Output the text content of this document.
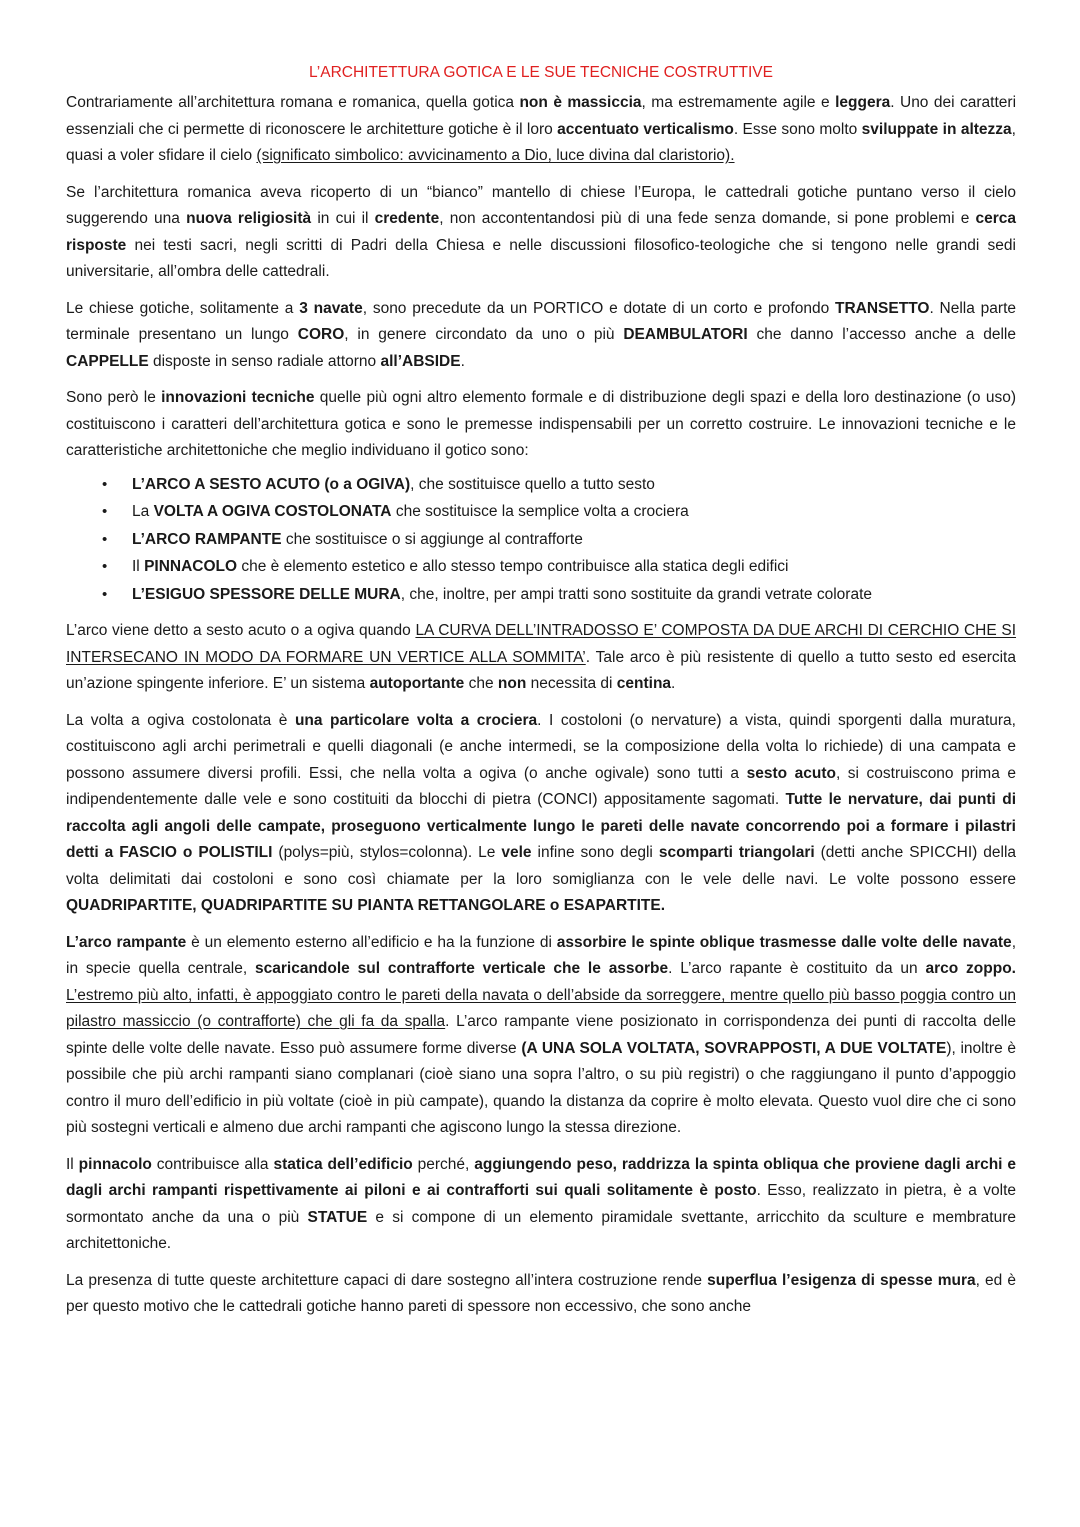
L’ARCHITETTURA GOTICA E LE SUE TECNICHE COSTRUTTIVE

Contrariamente all’architettura romana e romanica, quella gotica non è massiccia, ma estremamente agile e leggera. Uno dei caratteri essenziali che ci permette di riconoscere le architetture gotiche è il loro accentuato verticalismo. Esse sono molto sviluppate in altezza, quasi a voler sfidare il cielo (significato simbolico: avvicinamento a Dio, luce divina dal claristorio).

Se l’architettura romanica aveva ricoperto di un “bianco” mantello di chiese l’Europa, le cattedrali gotiche puntano verso il cielo suggerendo una nuova religiosità in cui il credente, non accontentandosi più di una fede senza domande, si pone problemi e cerca risposte nei testi sacri, negli scritti di Padri della Chiesa e nelle discussioni filosofico-teologiche che si tengono nelle grandi sedi universitarie, all’ombra delle cattedrali.

Le chiese gotiche, solitamente a 3 navate, sono precedute da un PORTICO e dotate di un corto e profondo TRANSETTO. Nella parte terminale presentano un lungo CORO, in genere circondato da uno o più DEAMBULATORI che danno l’accesso anche a delle CAPPELLE disposte in senso radiale attorno all’ABSIDE.

Sono però le innovazioni tecniche quelle più ogni altro elemento formale e di distribuzione degli spazi e della loro destinazione (o uso) costituiscono i caratteri dell’architettura gotica e sono le premesse indispensabili per un corretto costruire. Le innovazioni tecniche e le caratteristiche architettoniche che meglio individuano il gotico sono:

• L’ARCO A SESTO ACUTO (o a OGIVA), che sostituisce quello a tutto sesto
• La VOLTA A OGIVA COSTOLONATA che sostituisce la semplice volta a crociera
• L’ARCO RAMPANTE che sostituisce o si aggiunge al contrafforte
• Il PINNACOLO che è elemento estetico e allo stesso tempo contribuisce alla statica degli edifici
• L’ESIGUO SPESSORE DELLE MURA, che, inoltre, per ampi tratti sono sostituite da grandi vetrate colorate

L’arco viene detto a sesto acuto o a ogiva quando LA CURVA DELL’INTRADOSSO E’ COMPOSTA DA DUE ARCHI DI CERCHIO CHE SI INTERSECANO IN MODO DA FORMARE UN VERTICE ALLA SOMMITA’. Tale arco è più resistente di quello a tutto sesto ed esercita un’azione spingente inferiore. E’ un sistema autoportante che non necessita di centina.

La volta a ogiva costolonata è una particolare volta a crociera. I costoloni (o nervature) a vista, quindi sporgenti dalla muratura, costituiscono agli archi perimetrali e quelli diagonali (e anche intermedi, se la composizione della volta lo richiede) di una campata e possono assumere diversi profili. Essi, che nella volta a ogiva (o anche ogivale) sono tutti a sesto acuto, si costruiscono prima e indipendentemente dalle vele e sono costituiti da blocchi di pietra (CONCI) appositamente sagomati. Tutte le nervature, dai punti di raccolta agli angoli delle campate, proseguono verticalmente lungo le pareti delle navate concorrendo poi a formare i pilastri detti a FASCIO o POLISTILI (polys=più, stylos=colonna). Le vele infine sono degli scomparti triangolari (detti anche SPICCHI) della volta delimitati dai costoloni e sono così chiamate per la loro somiglianza con le vele delle navi. Le volte possono essere QUADRIPARTITE, QUADRIPARTITE SU PIANTA RETTANGOLARE o ESAPARTITE.

L’arco rampante è un elemento esterno all’edificio e ha la funzione di assorbire le spinte oblique trasmesse dalle volte delle navate, in specie quella centrale, scaricandole sul contrafforte verticale che le assorbe. L’arco rapante è costituito da un arco zoppo. L’estremo più alto, infatti, è appoggiato contro le pareti della navata o dell’abside da sorreggere, mentre quello più basso poggia contro un pilastro massiccio (o contrafforte) che gli fa da spalla. L’arco rampante viene posizionato in corrispondenza dei punti di raccolta delle spinte delle volte delle navate. Esso può assumere forme diverse (A UNA SOLA VOLTATA, SOVRAPPOSTI, A DUE VOLTATE), inoltre è possibile che più archi rampanti siano complanari (cioè siano una sopra l’altro, o su più registri) o che raggiungano il punto d’appoggio contro il muro dell’edificio in più voltate (cioè in più campate), quando la distanza da coprire è molto elevata. Questo vuol dire che ci sono più sostegni verticali e almeno due archi rampanti che agiscono lungo la stessa direzione.

Il pinnacolo contribuisce alla statica dell’edificio perché, aggiungendo peso, raddrizza la spinta obliqua che proviene dagli archi e dagli archi rampanti rispettivamente ai piloni e ai contrafforti sui quali solitamente è posto. Esso, realizzato in pietra, è a volte sormontato anche da una o più STATUE e si compone di un elemento piramidale svettante, arricchito da sculture e membrature architettoniche.

La presenza di tutte queste architetture capaci di dare sostegno all’intera costruzione rende superflua l’esigenza di spesse mura, ed è per questo motivo che le cattedrali gotiche hanno pareti di spessore non eccessivo, che sono anche
